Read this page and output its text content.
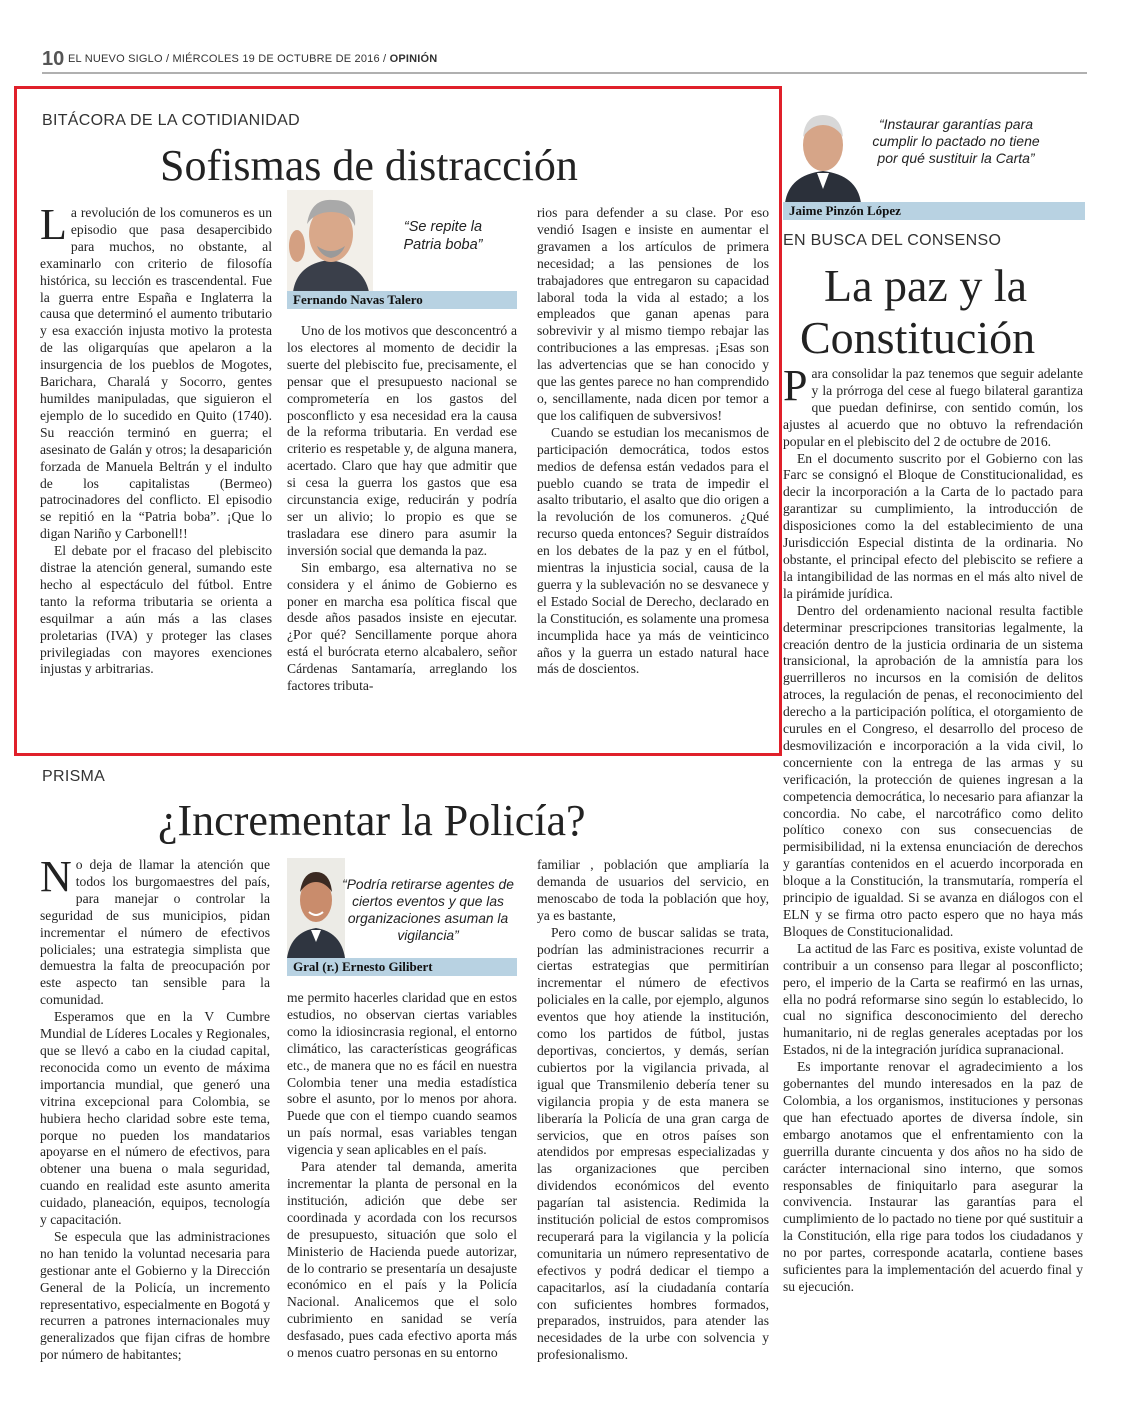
10 EL NUEVO SIGLO / MIÉRCOLES 19 DE OCTUBRE DE 2016 / OPINIÓN
BITÁCORA DE LA COTIDIANIDAD
Sofismas de distracción

La revolución de los comuneros es un episodio que pasa desapercibido para muchos, no obstante, al examinarlo con criterio de filosofía histórica, su lección es trascendental. Fue la guerra entre España e Inglaterra la causa que determinó el aumento tributario y esa exacción injusta motivo la protesta de las oligarquías que apelaron a la insurgencia de los pueblos de Mogotes, Barichara, Charalá y Socorro, gentes humildes manipuladas, que siguieron el ejemplo de lo sucedido en Quito (1740). Su reacción terminó en guerra; el asesinato de Galán y otros; la desaparición forzada de Manuela Beltrán y el indulto de los capitalistas (Bermeo) patrocinadores del conflicto. El episodio se repitió en la “Patria boba”. ¡Que lo digan Nariño y Carbonell!!

El debate por el fracaso del plebiscito distrae la atención general, sumando este hecho al espectáculo del fútbol. Entre tanto la reforma tributaria se orienta a esquilmar a aún más a las clases proletarias (IVA) y proteger las clases privilegiadas con mayores exenciones injustas y arbitrarias.

“Se repite la Patria boba”
Fernando Navas Talero

Uno de los motivos que desconcentró a los electores al momento de decidir la suerte del plebiscito fue, precisamente, el pensar que el presupuesto nacional se comprometería en los gastos del posconflicto y esa necesidad era la causa de la reforma tributaria. En verdad ese criterio es respetable y, de alguna manera, acertado. Claro que hay que admitir que si cesa la guerra los gastos que esa circunstancia exige, reducirán y podría ser un alivio; lo propio es que se trasladara ese dinero para asumir la inversión social que demanda la paz.

Sin embargo, esa alternativa no se considera y el ánimo de Gobierno es poner en marcha esa política fiscal que desde años pasados insiste en ejecutar. ¿Por qué? Sencillamente porque ahora está el burócrata eterno alcabalero, señor Cárdenas Santamaría, arreglando los factores tributa-

rios para defender a su clase. Por eso vendió Isagen e insiste en aumentar el gravamen a los artículos de primera necesidad; a las pensiones de los trabajadores que entregaron su capacidad laboral toda la vida al estado; a los empleados que ganan apenas para sobrevivir y al mismo tiempo rebajar las contribuciones a las empresas. ¡Esas son las advertencias que se han conocido y que las gentes parece no han comprendido o, sencillamente, nada dicen por temor a que los califiquen de subversivos!

Cuando se estudian los mecanismos de participación democrática, todos estos medios de defensa están vedados para el pueblo cuando se trata de impedir el asalto tributario, el asalto que dio origen a la revolución de los comuneros. ¿Qué recurso queda entonces? Seguir distraídos en los debates de la paz y en el fútbol, mientras la injusticia social, causa de la guerra y la sublevación no se desvanece y el Estado Social de Derecho, declarado en la Constitución, es solamente una promesa incumplida hace ya más de veinticinco años y la guerra un estado natural hace más de doscientos.

PRISMA
¿Incrementar la Policía?

No deja de llamar la atención que todos los burgomaestres del país, para manejar o controlar la seguridad de sus municipios, pidan incrementar el número de efectivos policiales; una estrategia simplista que demuestra la falta de preocupación por este aspecto tan sensible para la comunidad.

Esperamos que en la V Cumbre Mundial de Líderes Locales y Regionales, que se llevó a cabo en la ciudad capital, reconocida como un evento de máxima importancia mundial, que generó una vitrina excepcional para Colombia, se hubiera hecho claridad sobre este tema, porque no pueden los mandatarios apoyarse en el número de efectivos, para obtener una buena o mala seguridad, cuando en realidad este asunto amerita cuidado, planeación, equipos, tecnología y capacitación.

Se especula que las administraciones no han tenido la voluntad necesaria para gestionar ante el Gobierno y la Dirección General de la Policía, un incremento representativo, especialmente en Bogotá y recurren a patrones internacionales muy generalizados que fijan cifras de hombre por número de habitantes;

“Podría retirarse agentes de ciertos eventos y que las organizaciones asuman la vigilancia”
Gral (r.) Ernesto Gilibert

me permito hacerles claridad que en estos estudios, no observan ciertas variables como la idiosincrasia regional, el entorno climático, las características geográficas etc., de manera que no es fácil en nuestra Colombia tener una media estadística sobre el asunto, por lo menos por ahora. Puede que con el tiempo cuando seamos un país normal, esas variables tengan vigencia y sean aplicables en el país.

Para atender tal demanda, amerita incrementar la planta de personal en la institución, adición que debe ser coordinada y acordada con los recursos de presupuesto, situación que solo el Ministerio de Hacienda puede autorizar, de lo contrario se presentaría un desajuste económico en el país y la Policía Nacional. Analicemos que el solo cubrimiento en sanidad se vería desfasado, pues cada efectivo aporta más o menos cuatro personas en su entorno

familiar , población que ampliaría la demanda de usuarios del servicio, en menoscabo de toda la población que hoy, ya es bastante,

Pero como de buscar salidas se trata, podrían las administraciones recurrir a ciertas estrategias que permitirían incrementar el número de efectivos policiales en la calle, por ejemplo, algunos eventos que hoy atiende la institución, como los partidos de fútbol, justas deportivas, conciertos, y demás, serían cubiertos por la vigilancia privada, al igual que Transmilenio debería tener su vigilancia propia y de esta manera se liberaría la Policía de una gran carga de servicios, que en otros países son atendidos por empresas especializadas y las organizaciones que perciben dividendos económicos del evento pagarían tal asistencia. Redimida la institución policial de estos compromisos recuperará para la vigilancia y la policía comunitaria un número representativo de efectivos y podrá dedicar el tiempo a capacitarlos, así la ciudadanía contaría con suficientes hombres formados, preparados, instruidos, para atender las necesidades de la urbe con solvencia y profesionalismo.

“Instaurar garantías para cumplir lo pactado no tiene por qué sustituir la Carta”
Jaime Pinzón López
EN BUSCA DEL CONSENSO
La paz y la
Constitución

Para consolidar la paz tenemos que seguir adelante y la prórroga del cese al fuego bilateral garantiza que puedan definirse, con sentido común, los ajustes al acuerdo que no obtuvo la refrendación popular en el plebiscito del 2 de octubre de 2016.

En el documento suscrito por el Gobierno con las Farc se consignó el Bloque de Constitucionalidad, es decir la incorporación a la Carta de lo pactado para garantizar su cumplimiento, la introducción de disposiciones como la del establecimiento de una Jurisdicción Especial distinta de la ordinaria. No obstante, el principal efecto del plebiscito se refiere a la intangibilidad de las normas en el más alto nivel de la pirámide jurídica.

Dentro del ordenamiento nacional resulta factible determinar prescripciones transitorias legalmente, la creación dentro de la justicia ordinaria de un sistema transicional, la aprobación de la amnistía para los guerrilleros no incursos en la comisión de delitos atroces, la regulación de penas, el reconocimiento del derecho a la participación política, el otorgamiento de curules en el Congreso, el desarrollo del proceso de desmovilización e incorporación a la vida civil, lo concerniente con la entrega de las armas y su verificación, la protección de quienes ingresan a la competencia democrática, lo necesario para afianzar la concordia. No cabe, el narcotráfico como delito político conexo con sus consecuencias de permisibilidad, ni la extensa enunciación de derechos y garantías contenidos en el acuerdo incorporada en bloque a la Constitución, la transmutaría, rompería el principio de igualdad. Si se avanza en diálogos con el ELN y se firma otro pacto espero que no haya más Bloques de Constitucionalidad.

La actitud de las Farc es positiva, existe voluntad de contribuir a un consenso para llegar al posconflicto; pero, el imperio de la Carta se reafirmó en las urnas, ella no podrá reformarse sino según lo establecido, lo cual no significa desconocimiento del derecho humanitario, ni de reglas generales aceptadas por los Estados, ni de la integración jurídica supranacional.

Es importante renovar el agradecimiento a los gobernantes del mundo interesados en la paz de Colombia, a los organismos, instituciones y personas que han efectuado aportes de diversa índole, sin embargo anotamos que el enfrentamiento con la guerrilla durante cincuenta y dos años no ha sido de carácter internacional sino interno, que somos responsables de finiquitarlo para asegurar la convivencia. Instaurar las garantías para el cumplimiento de lo pactado no tiene por qué sustituir a la Constitución, ella rige para todos los ciudadanos y no por partes, corresponde acatarla, contiene bases suficientes para la implementación del acuerdo final y su ejecución.
